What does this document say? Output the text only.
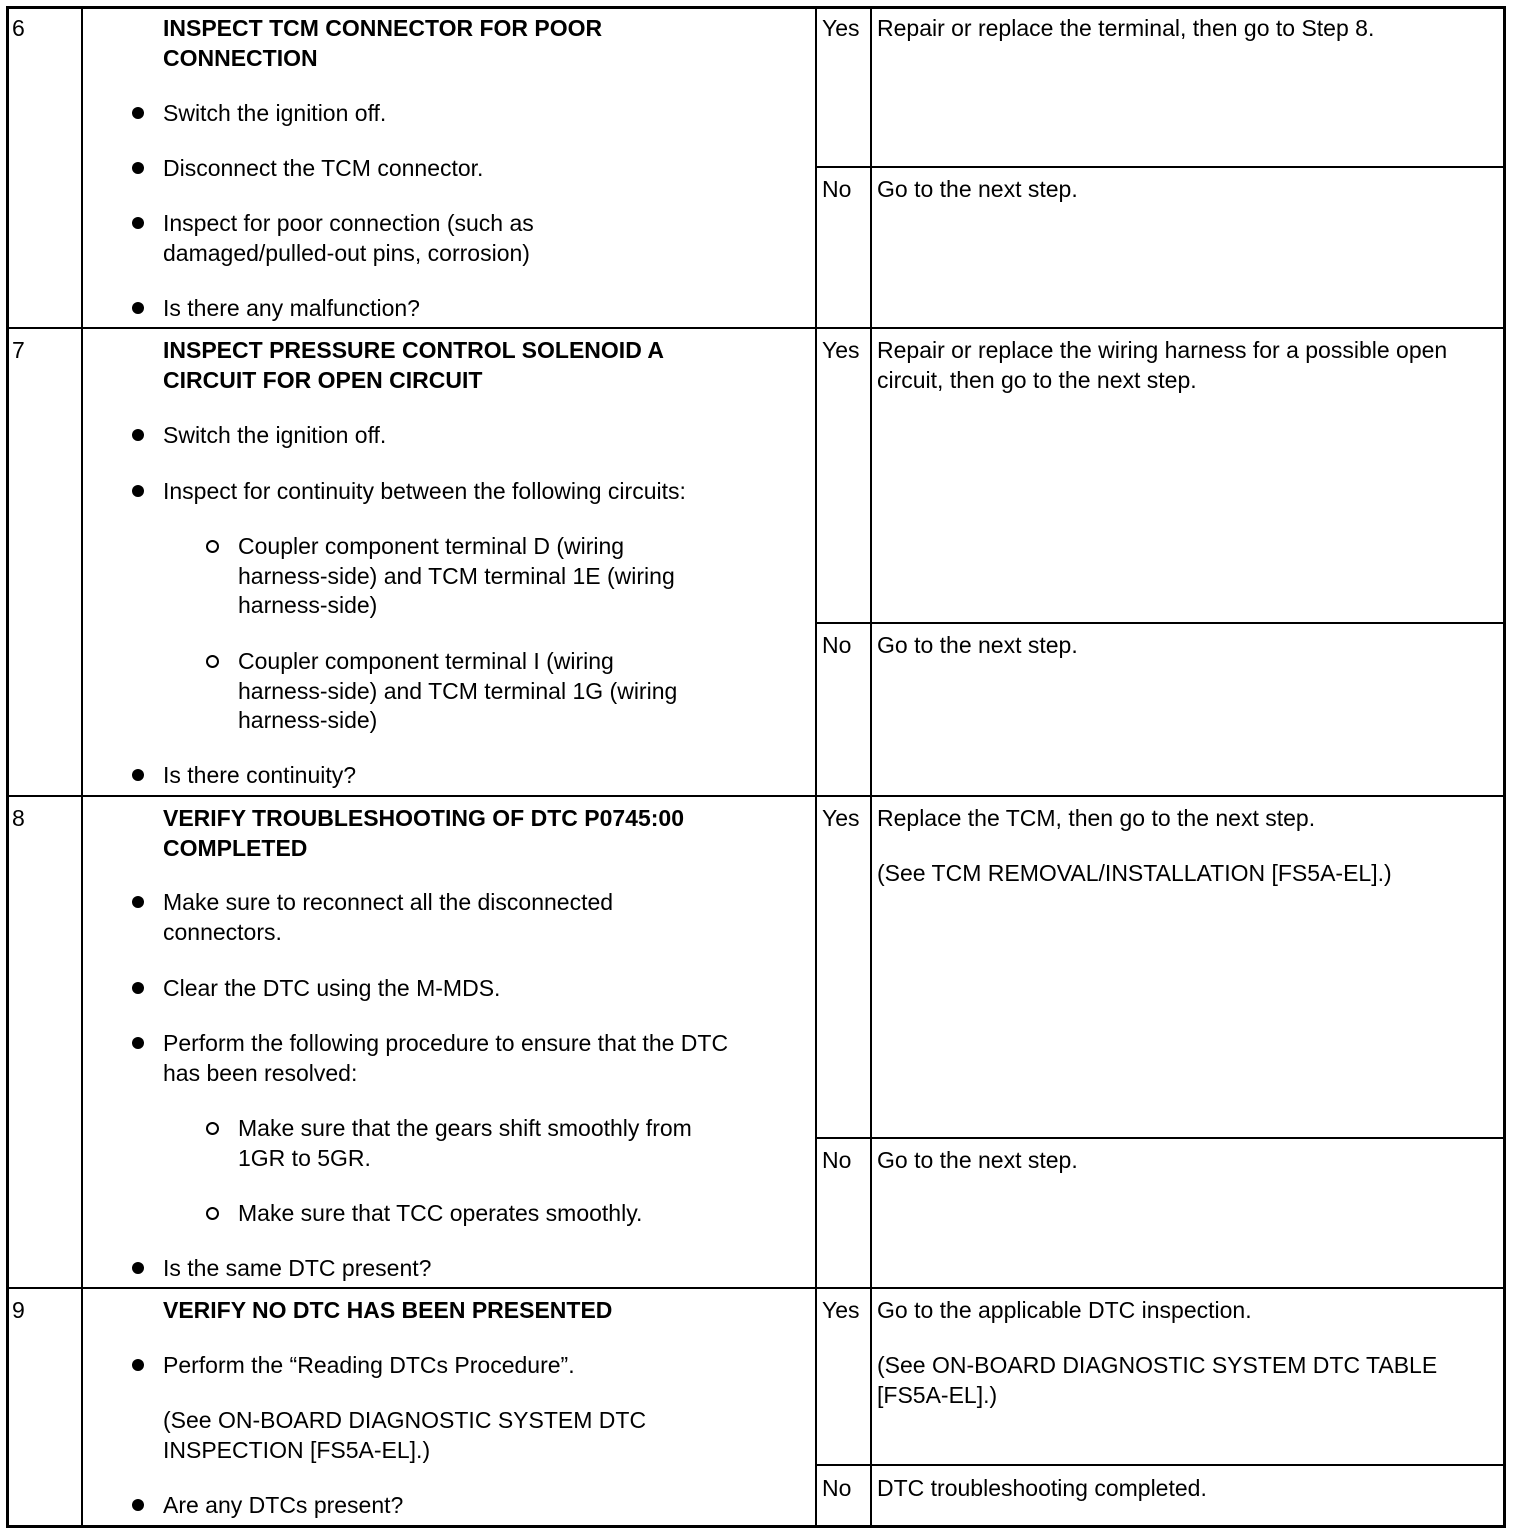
6	INSPECT TCM CONNECTOR FOR POOR
CONNECTION
Switch the ignition off.
Disconnect the TCM connector.
Inspect for poor connection (such as
damaged/pulled-out pins, corrosion)
Is there any malfunction?
Yes Repair or replace the terminal, then go to Step 8.
No Go to the next step.
7	INSPECT PRESSURE CONTROL SOLENOID A
CIRCUIT FOR OPEN CIRCUIT
Switch the ignition off.
Inspect for continuity between the following circuits:
Coupler component terminal D (wiring
harness-side) and TCM terminal 1E (wiring
harness-side)
Coupler component terminal I (wiring
harness-side) and TCM terminal 1G (wiring
harness-side)
Is there continuity?
Yes Repair or replace the wiring harness for a possible open
circuit, then go to the next step.
No Go to the next step.
8	VERIFY TROUBLESHOOTING OF DTC P0745:00
COMPLETED
Make sure to reconnect all the disconnected
connectors.
Clear the DTC using the M-MDS.
Perform the following procedure to ensure that the DTC
has been resolved:
Make sure that the gears shift smoothly from
1GR to 5GR.
Make sure that TCC operates smoothly.
Is the same DTC present?
Yes Replace the TCM, then go to the next step.
(See TCM REMOVAL/INSTALLATION [FS5A-EL].)
No Go to the next step.
9	VERIFY NO DTC HAS BEEN PRESENTED
Perform the “Reading DTCs Procedure”.
(See ON-BOARD DIAGNOSTIC SYSTEM DTC
INSPECTION [FS5A-EL].)
Are any DTCs present?
Yes Go to the applicable DTC inspection.
(See ON-BOARD DIAGNOSTIC SYSTEM DTC TABLE
[FS5A-EL].)
No DTC troubleshooting completed.
